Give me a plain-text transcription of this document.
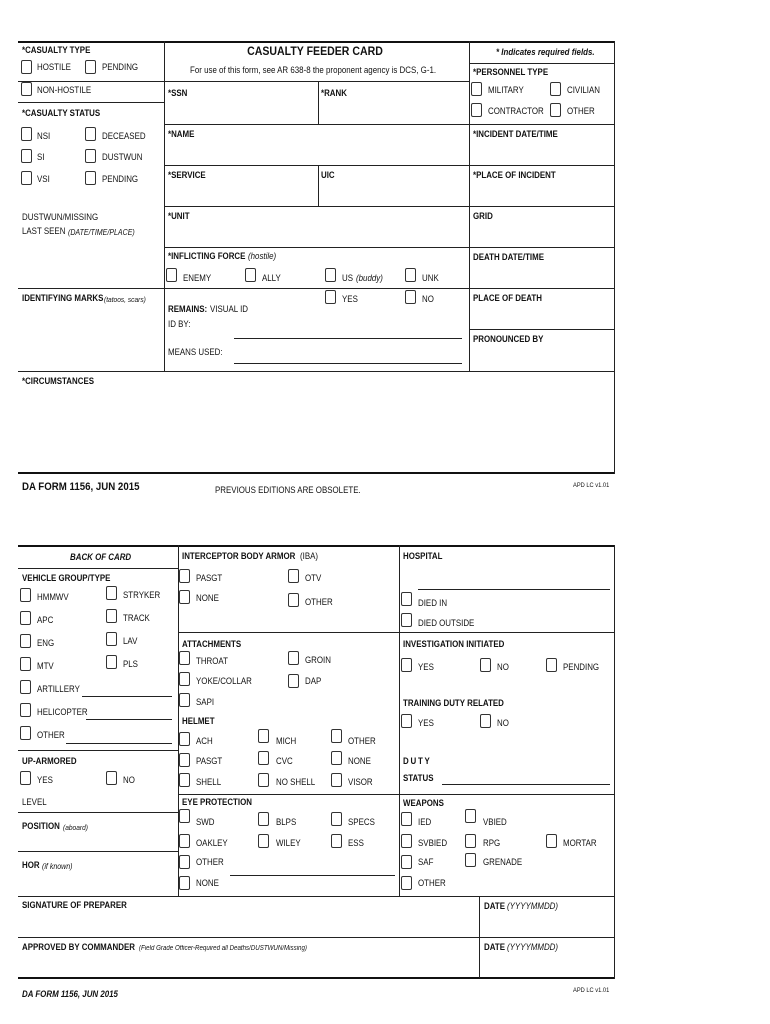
*CASUALTY TYPE
HOSTILE	PENDING
NON-HOSTILE
CASUALTY FEEDER CARD
For use of this form, see AR 638-8 the proponent agency is DCS, G-1.
* Indicates required fields.
*PERSONNEL TYPE
MILITARY	CIVILIAN
CONTRACTOR	OTHER
*SSN	*RANK
*CASUALTY STATUS
NSI	DECEASED
SI	DUSTWUN
VSI	PENDING
*NAME	*INCIDENT DATE/TIME
*SERVICE	UIC	*PLACE OF INCIDENT
DUSTWUN/MISSING
LAST SEEN (DATE/TIME/PLACE)
*UNIT	GRID
*INFLICTING FORCE (hostile)
ENEMY	ALLY	US (buddy)	UNK
DEATH DATE/TIME
IDENTIFYING MARKS (tatoos, scars)	YES	NO
REMAINS: VISUAL ID
ID BY:
MEANS USED:
PLACE OF DEATH
PRONOUNCED BY
*CIRCUMSTANCES
DA FORM 1156, JUN 2015	PREVIOUS EDITIONS ARE OBSOLETE.	APD LC v1.01
BACK OF CARD
VEHICLE GROUP/TYPE
HMMWV	STRYKER
APC	TRACK
ENG	LAV
MTV	PLS
ARTILLERY
HELICOPTER
OTHER
UP-ARMORED
YES	NO
LEVEL
POSITION (aboard)
HOR (if known)
INTERCEPTOR BODY ARMOR (IBA)
PASGT	OTV
NONE	OTHER
ATTACHMENTS
THROAT	GROIN
YOKE/COLLAR	DAP
SAPI
HELMET
ACH	MICH	OTHER
PASGT	CVC	NONE
SHELL	NO SHELL	VISOR
EYE PROTECTION
SWD	BLPS	SPECS
OAKLEY	WILEY	ESS
OTHER
NONE
HOSPITAL
DIED IN
DIED OUTSIDE
INVESTIGATION INITIATED
YES	NO	PENDING
TRAINING DUTY RELATED
YES	NO
DUTY
STATUS
WEAPONS
IED	VBIED
SVBIED	RPG	MORTAR
SAF	GRENADE
OTHER
SIGNATURE OF PREPARER	DATE (YYYYMMDD)
APPROVED BY COMMANDER (Field Grade Officer-Required all Deaths/DUSTWUN/Missing)	DATE (YYYYMMDD)
DA FORM 1156, JUN 2015	APD LC v1.01
